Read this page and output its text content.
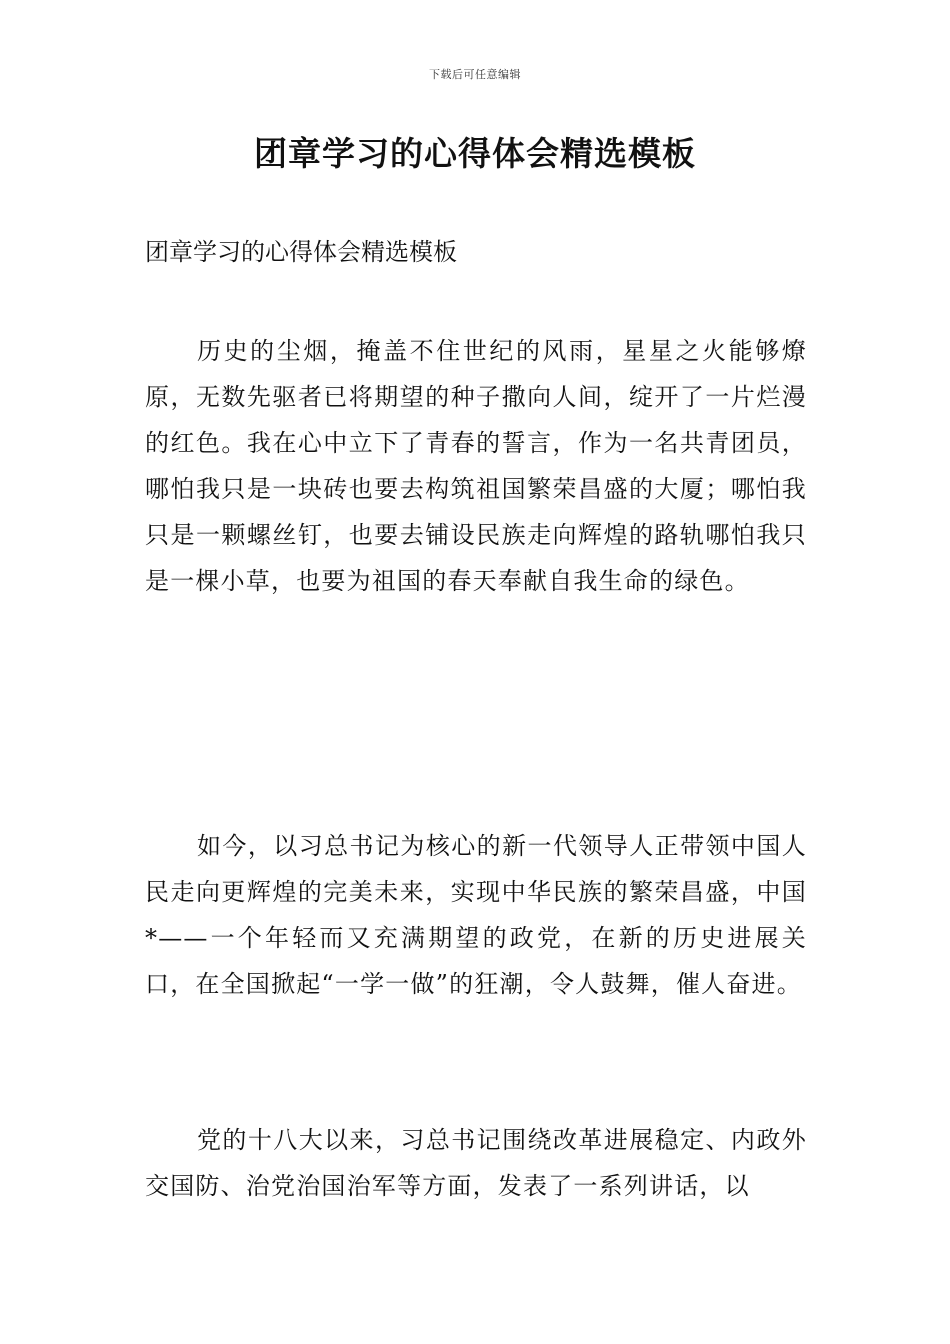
下载后可任意编辑
团章学习的心得体会精选模板

团章学习的心得体会精选模板

历史的尘烟，掩盖不住世纪的风雨，星星之火能够燎原，无数先驱者已将期望的种子撒向人间，绽开了一片烂漫的红色。我在心中立下了青春的誓言，作为一名共青团员，哪怕我只是一块砖也要去构筑祖国繁荣昌盛的大厦；哪怕我只是一颗螺丝钉，也要去铺设民族走向辉煌的路轨哪怕我只是一棵小草，也要为祖国的春天奉献自我生命的绿色。

如今，以习总书记为核心的新一代领导人正带领中国人民走向更辉煌的完美未来，实现中华民族的繁荣昌盛，中国*——一个年轻而又充满期望的政党，在新的历史进展关口，在全国掀起“一学一做”的狂潮，令人鼓舞，催人奋进。

党的十八大以来，习总书记围绕改革进展稳定、内政外交国防、治党治国治军等方面，发表了一系列讲话，以
